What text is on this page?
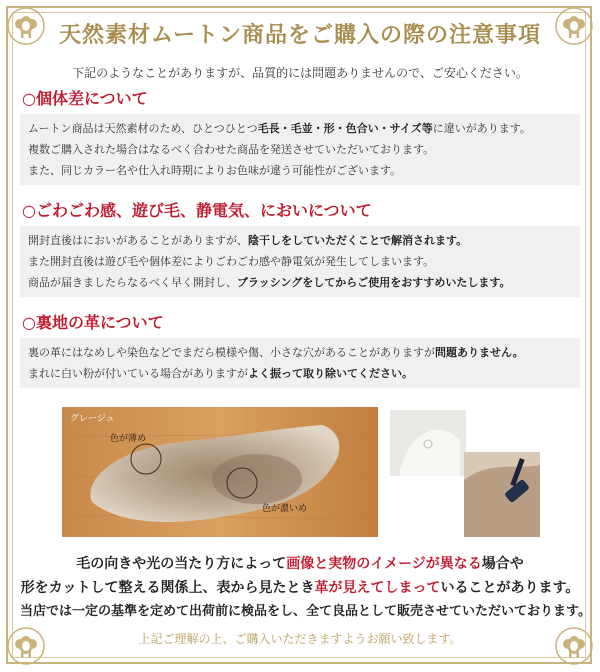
天然素材ムートン商品をご購入の際の注意事項
下記のようなことがありますが、品質的には問題ありませんので、ご安心ください。
○個体差について
ムートン商品は天然素材のため、ひとつひとつ毛長・毛並・形・色合い・サイズ等に違いがあります。
複数ご購入された場合はなるべく合わせた商品を発送させていただいております。
また、同じカラー名や仕入れ時期によりお色味が違う可能性がございます。
○ごわごわ感、遊び毛、静電気、においについて
開封直後はにおいがあることがありますが、陰干しをしていただくことで解消されます。
また開封直後は遊び毛や個体差によりごわごわ感や静電気が発生してしまいます。
商品が届きましたらなるべく早く開封し、ブラッシングをしてからご使用をおすすめいたします。
○裏地の革について
裏の革にはなめしや染色などでまだら模様や傷、小さな穴があることがありますが問題ありません。
まれに白い粉が付いている場合がありますがよく振って取り除いてください。
グレージュ
色が薄め
色が濃いめ
毛の向きや光の当たり方によって画像と実物のイメージが異なる場合や
形をカットして整える関係上、表から見たとき革が見えてしまっていることがあります。
当店では一定の基準を定めて出荷前に検品をし、全て良品として販売させていただいております。
上記ご理解の上、ご購入いただきますようお願い致します。
